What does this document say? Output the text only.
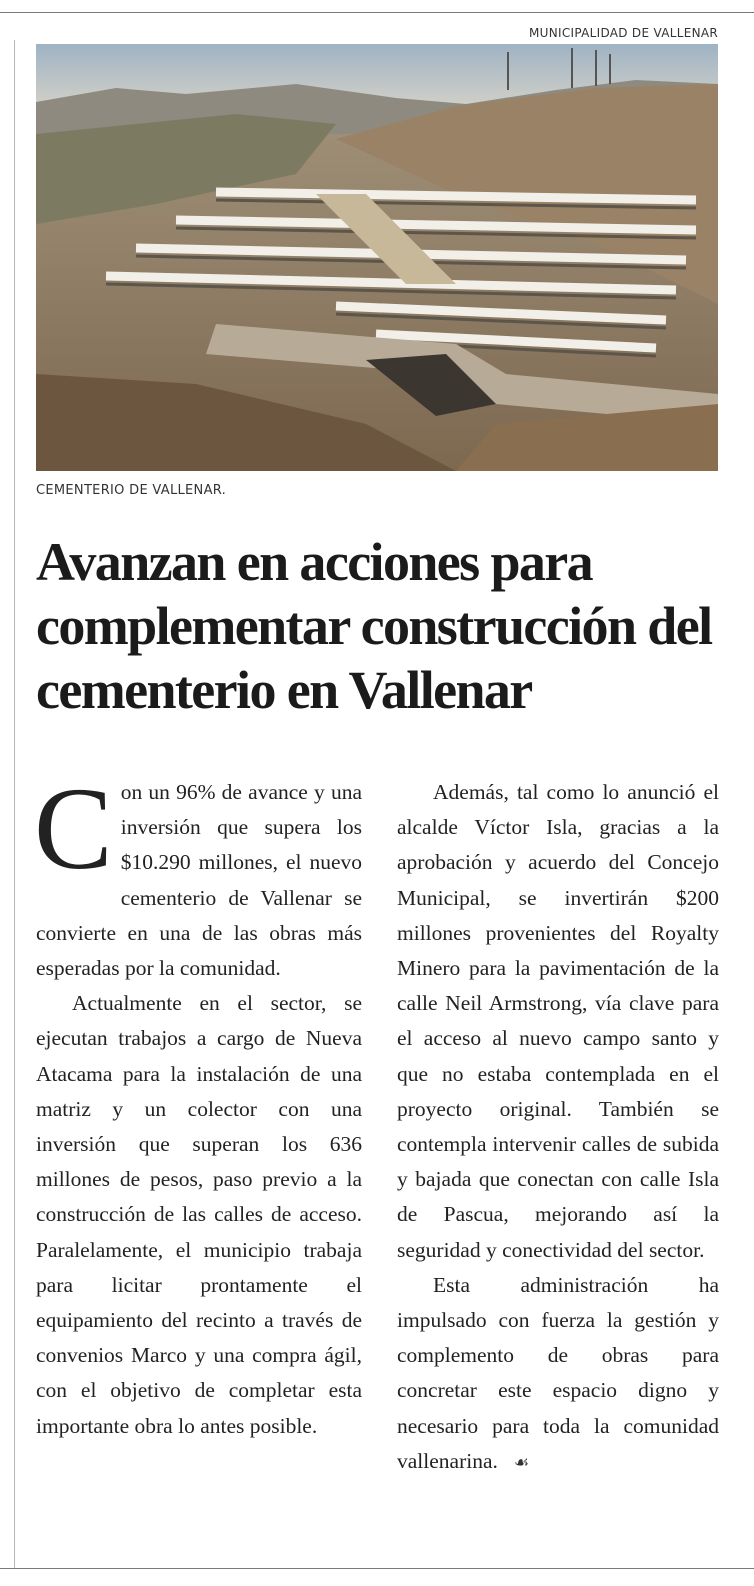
MUNICIPALIDAD DE VALLENAR
CEMENTERIO DE VALLENAR.
Avanzan en acciones para complementar construcción del cementerio en Vallenar

Con un 96% de avance y una inversión que supera los $10.290 millones, el nuevo cementerio de Vallenar se convierte en una de las obras más esperadas por la comunidad.

Actualmente en el sector, se ejecutan trabajos a cargo de Nueva Atacama para la instalación de una matriz y un colector con una inversión que superan los 636 millones de pesos, paso previo a la construcción de las calles de acceso. Paralelamente, el municipio trabaja para licitar prontamente el equipamiento del recinto a través de convenios Marco y una compra ágil, con el objetivo de completar esta importante obra lo antes posible.

Además, tal como lo anunció el alcalde Víctor Isla, gracias a la aprobación y acuerdo del Concejo Municipal, se invertirán $200 millones provenientes del Royalty Minero para la pavimentación de la calle Neil Armstrong, vía clave para el acceso al nuevo campo santo y que no estaba contemplada en el proyecto original. También se contempla intervenir calles de subida y bajada que conectan con calle Isla de Pascua, mejorando así la seguridad y conectividad del sector.

Esta administración ha impulsado con fuerza la gestión y complemento de obras para concretar este espacio digno y necesario para toda la comunidad vallenarina. ☙
